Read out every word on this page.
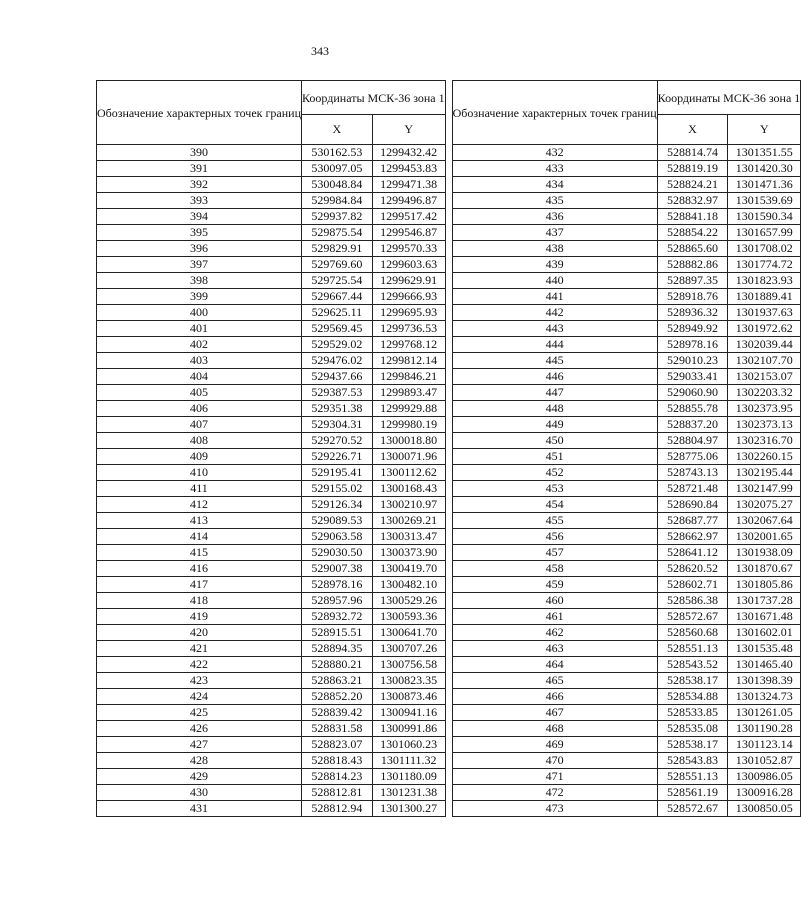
343
Обозначение характерных точек границ	Координаты МСК-36 зона 1	
	X	Y
390	530162.53	1299432.42
391	530097.05	1299453.83
392	530048.84	1299471.38
393	529984.84	1299496.87
394	529937.82	1299517.42
395	529875.54	1299546.87
396	529829.91	1299570.33
397	529769.60	1299603.63
398	529725.54	1299629.91
399	529667.44	1299666.93
400	529625.11	1299695.93
401	529569.45	1299736.53
402	529529.02	1299768.12
403	529476.02	1299812.14
404	529437.66	1299846.21
405	529387.53	1299893.47
406	529351.38	1299929.88
407	529304.31	1299980.19
408	529270.52	1300018.80
409	529226.71	1300071.96
410	529195.41	1300112.62
411	529155.02	1300168.43
412	529126.34	1300210.97
413	529089.53	1300269.21
414	529063.58	1300313.47
415	529030.50	1300373.90
416	529007.38	1300419.70
417	528978.16	1300482.10
418	528957.96	1300529.26
419	528932.72	1300593.36
420	528915.51	1300641.70
421	528894.35	1300707.26
422	528880.21	1300756.58
423	528863.21	1300823.35
424	528852.20	1300873.46
425	528839.42	1300941.16
426	528831.58	1300991.86
427	528823.07	1301060.23
428	528818.43	1301111.32
429	528814.23	1301180.09
430	528812.81	1301231.38
431	528812.94	1301300.27
Обозначение характерных точек границ	Координаты МСК-36 зона 1	
	X	Y
432	528814.74	1301351.55
433	528819.19	1301420.30
434	528824.21	1301471.36
435	528832.97	1301539.69
436	528841.18	1301590.34
437	528854.22	1301657.99
438	528865.60	1301708.02
439	528882.86	1301774.72
440	528897.35	1301823.93
441	528918.76	1301889.41
442	528936.32	1301937.63
443	528949.92	1301972.62
444	528978.16	1302039.44
445	529010.23	1302107.70
446	529033.41	1302153.07
447	529060.90	1302203.32
448	528855.78	1302373.95
449	528837.20	1302373.13
450	528804.97	1302316.70
451	528775.06	1302260.15
452	528743.13	1302195.44
453	528721.48	1302147.99
454	528690.84	1302075.27
455	528687.77	1302067.64
456	528662.97	1302001.65
457	528641.12	1301938.09
458	528620.52	1301870.67
459	528602.71	1301805.86
460	528586.38	1301737.28
461	528572.67	1301671.48
462	528560.68	1301602.01
463	528551.13	1301535.48
464	528543.52	1301465.40
465	528538.17	1301398.39
466	528534.88	1301324.73
467	528533.85	1301261.05
468	528535.08	1301190.28
469	528538.17	1301123.14
470	528543.83	1301052.87
471	528551.13	1300986.05
472	528561.19	1300916.28
473	528572.67	1300850.05
